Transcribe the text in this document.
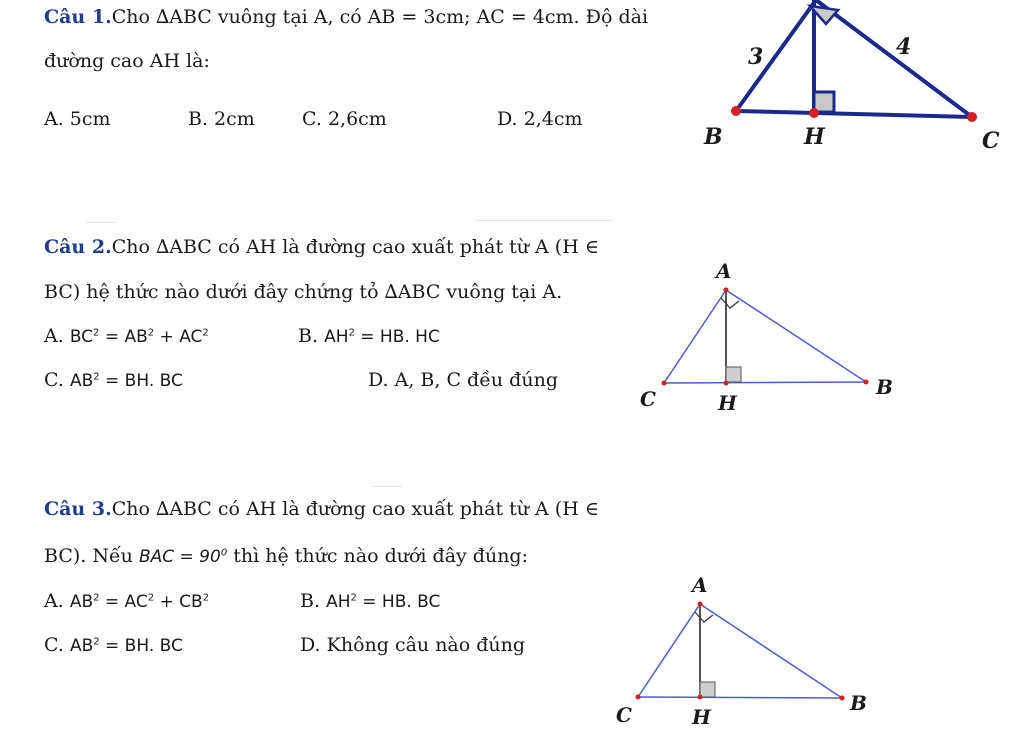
Câu 1.Cho ∆ABC vuông tại A, có AB = 3cm; AC = 4cm. Độ dài
đường cao AH là:
A. 5cm	B. 2cm C. 2,6cm	D. 2,4cm
3	4
B	H	C
Câu 2.Cho ∆ABC có AH là đường cao xuất phát từ A (H ∈
BC) hệ thức nào dưới đây chứng tỏ ∆ABC vuông tại A.
A. $BC^2 = AB^2 + AC^2$	B. $AH^2$ = HB. HC
C. $AB^2$ = BH. BC	D. A, B, C đều đúng
A
C	H
B
Câu 3.Cho ∆ABC có AH là đường cao xuất phát từ A (H ∈
BC). Nếu BAC = $90^0$ thì hệ thức nào dưới đây đúng:
A. $AB^2 = AC^2 + CB^2$	B. $AH^2$ = HB. BC
C. $AB^2$ = BH. BC	D. Không câu nào đúng
A
C	H
B
